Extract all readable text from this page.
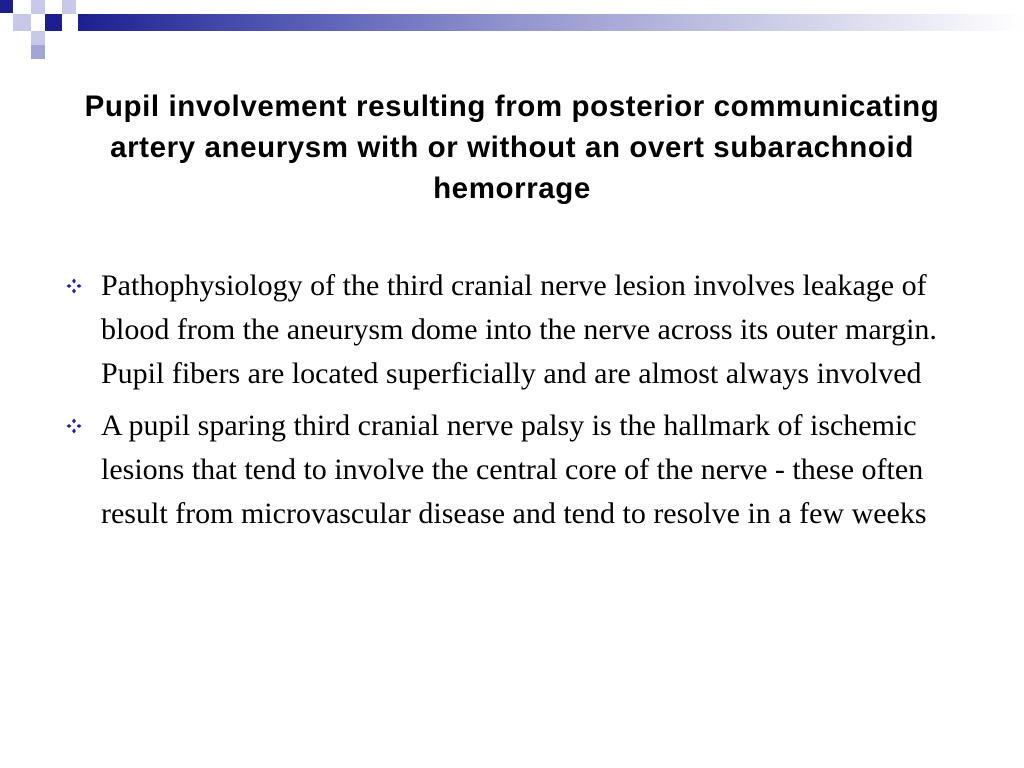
Pupil involvement resulting from posterior communicating artery aneurysm with or without an overt subarachnoid hemorrage
Pathophysiology of the third cranial nerve lesion involves leakage of blood from the aneurysm dome into the nerve across its outer margin.  Pupil fibers are located superficially and are almost always involved
A pupil sparing third cranial nerve palsy is the hallmark of ischemic lesions that tend to involve the central core of the nerve - these often result from microvascular disease and tend to resolve in a few weeks
